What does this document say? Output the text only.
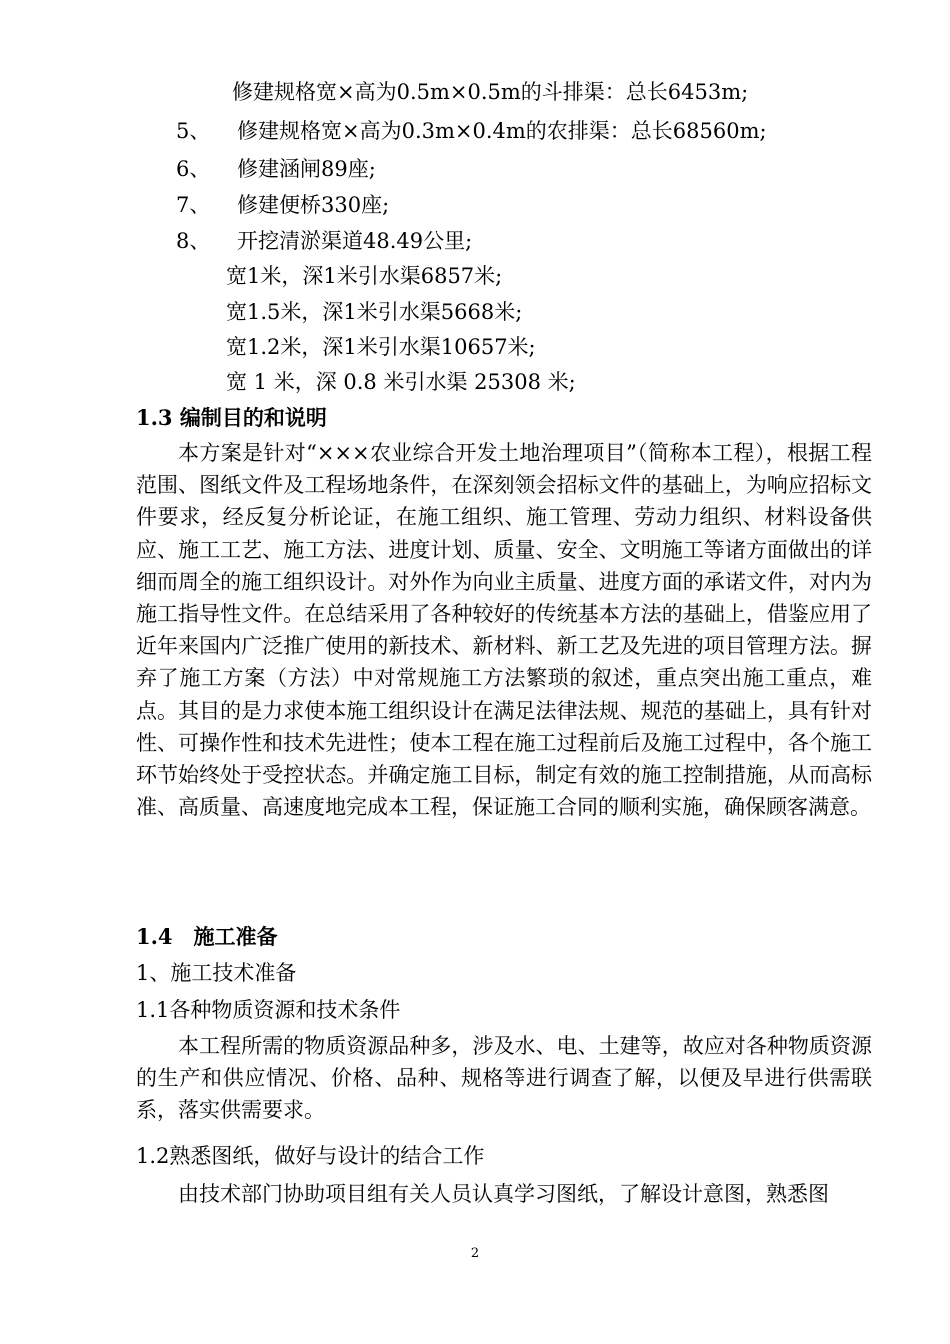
修建规格宽×高为0.5m×0.5m的斗排渠：总长6453m;
5、 修建规格宽×高为0.3m×0.4m的农排渠：总长68560m;
6、 修建涵闸89座;
7、 修建便桥330座;
8、 开挖清淤渠道48.49公里;
宽1米，深1米引水渠6857米;
宽1.5米，深1米引水渠5668米;
宽1.2米，深1米引水渠10657米;
宽 1 米，深 0.8 米引水渠 25308 米;
1.3 编制目的和说明
本方案是针对“×××农业综合开发土地治理项目”（简称本工程），根据工程范围、图纸文件及工程场地条件，在深刻领会招标文件的基础上，为响应招标文件要求，经反复分析论证，在施工组织、施工管理、劳动力组织、材料设备供应、施工工艺、施工方法、进度计划、质量、安全、文明施工等诸方面做出的详细而周全的施工组织设计。对外作为向业主质量、进度方面的承诺文件，对内为施工指导性文件。在总结采用了各种较好的传统基本方法的基础上，借鉴应用了近年来国内广泛推广使用的新技术、新材料、新工艺及先进的项目管理方法。摒弃了施工方案（方法）中对常规施工方法繁琐的叙述，重点突出施工重点，难点。其目的是力求使本施工组织设计在满足法律法规、规范的基础上，具有针对性、可操作性和技术先进性；使本工程在施工过程前后及施工过程中，各个施工环节始终处于受控状态。并确定施工目标，制定有效的施工控制措施，从而高标准、高质量、高速度地完成本工程，保证施工合同的顺利实施，确保顾客满意。
1.4　施工准备
1、施工技术准备
1.1各种物质资源和技术条件
本工程所需的物质资源品种多，涉及水、电、土建等，故应对各种物质资源的生产和供应情况、价格、品种、规格等进行调查了解，以便及早进行供需联系，落实供需要求。
1.2熟悉图纸，做好与设计的结合工作
由技术部门协助项目组有关人员认真学习图纸，了解设计意图，熟悉图
2
